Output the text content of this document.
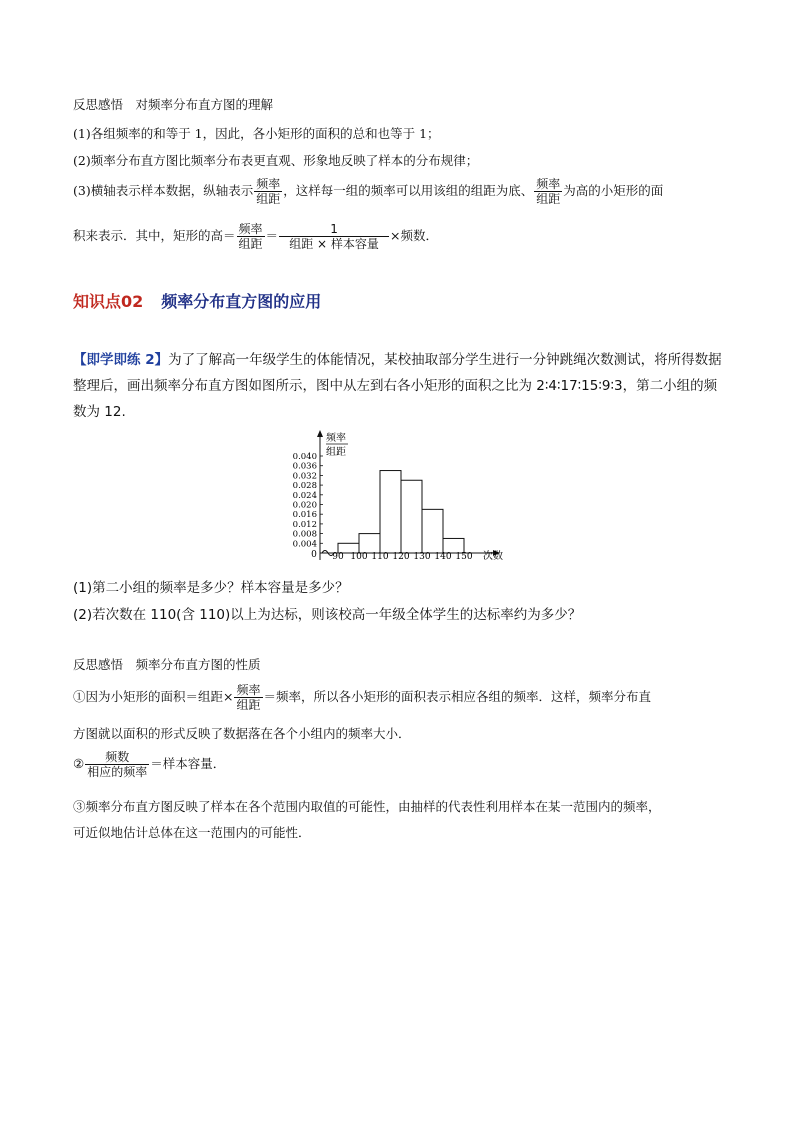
反思感悟　对频率分布直方图的理解
(1)各组频率的和等于 1，因此，各小矩形的面积的总和也等于 1；
(2)频率分布直方图比频率分布表更直观、形象地反映了样本的分布规律；
(3)横轴表示样本数据，纵轴表示 $\frac{\text{频率}}{\text{组距}}$ ，这样每一组的频率可以用该组的组距为底、 $\frac{\text{频率}}{\text{组距}}$ 为高的小矩形的面
积来表示．其中，矩形的高＝ $\frac{\text{频率}}{\text{组距}} = \frac{1}{\text{组距 × 样本容量}}$ ×频数．
知识点02 频率分布直方图的应用
【即学即练 2】为了了解高一年级学生的体能情况，某校抽取部分学生进行一分钟跳绳次数测试，将所得数据整理后，画出频率分布直方图如图所示，图中从左到右各小矩形的面积之比为 2∶4∶17∶15∶9∶3，第二小组的频数为 12.
频率
组距
0	次数
0.040
0.036
0.032
0.028
0.024
0.020
0.016
0.012
0.008
0.004
90 100 110 120 130 140 150
(1)第二小组的频率是多少？样本容量是多少？
(2)若次数在 110(含 110)以上为达标，则该校高一年级全体学生的达标率约为多少？
反思感悟　频率分布直方图的性质
①因为小矩形的面积＝组距× $\frac{\text{频率}}{\text{组距}}$ ＝频率，所以各小矩形的面积表示相应各组的频率．这样，频率分布直
方图就以面积的形式反映了数据落在各个小组内的频率大小．
② $\frac{\text{频数}}{\text{相应的频率}}$ ＝样本容量．
③频率分布直方图反映了样本在各个范围内取值的可能性，由抽样的代表性利用样本在某一范围内的频率，
可近似地估计总体在这一范围内的可能性．
